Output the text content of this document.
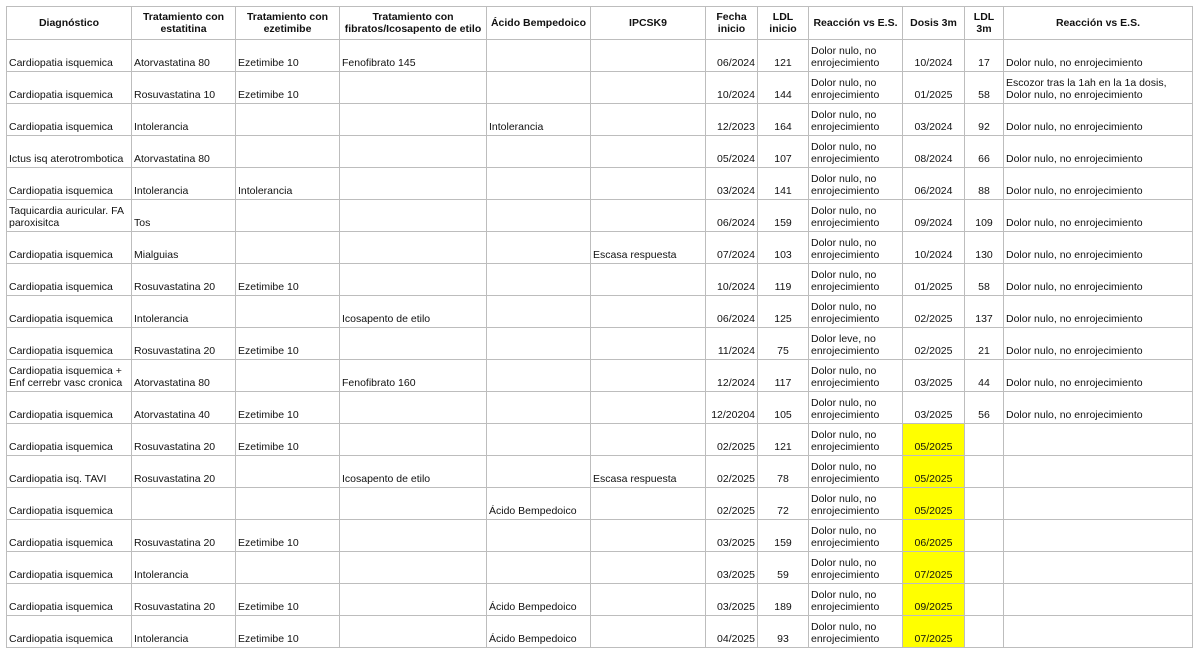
Diagnóstico	Tratamiento con estatitina	Tratamiento con ezetimibe	Tratamiento con fibratos/Icosapento de etilo	Ácido Bempedoico	IPCSK9	Fecha inicio	LDL inicio	Reacción vs E.S.	Dosis 3m	LDL 3m	Reacción vs E.S.
Cardiopatia isquemica	Atorvastatina 80	Ezetimibe 10	Fenofibrato 145			06/2024	121	Dolor nulo, no enrojecimiento	10/2024	17	Dolor nulo, no enrojecimiento
Cardiopatia isquemica	Rosuvastatina 10	Ezetimibe 10				10/2024	144	Dolor nulo, no enrojecimiento	01/2025	58	Escozor tras la 1ah en la 1a dosis, Dolor nulo, no enrojecimiento
Cardiopatia isquemica	Intolerancia			Intolerancia		12/2023	164	Dolor nulo, no enrojecimiento	03/2024	92	Dolor nulo, no enrojecimiento
Ictus isq aterotrombotica	Atorvastatina 80					05/2024	107	Dolor nulo, no enrojecimiento	08/2024	66	Dolor nulo, no enrojecimiento
Cardiopatia isquemica	Intolerancia	Intolerancia				03/2024	141	Dolor nulo, no enrojecimiento	06/2024	88	Dolor nulo, no enrojecimiento
Taquicardia auricular. FA paroxisitca	Tos					06/2024	159	Dolor nulo, no enrojecimiento	09/2024	109	Dolor nulo, no enrojecimiento
Cardiopatia isquemica	Mialguias				Escasa respuesta	07/2024	103	Dolor nulo, no enrojecimiento	10/2024	130	Dolor nulo, no enrojecimiento
Cardiopatia isquemica	Rosuvastatina 20	Ezetimibe 10				10/2024	119	Dolor nulo, no enrojecimiento	01/2025	58	Dolor nulo, no enrojecimiento
Cardiopatia isquemica	Intolerancia		Icosapento de etilo			06/2024	125	Dolor nulo, no enrojecimiento	02/2025	137	Dolor nulo, no enrojecimiento
Cardiopatia isquemica	Rosuvastatina 20	Ezetimibe 10				11/2024	75	Dolor leve, no enrojecimiento	02/2025	21	Dolor nulo, no enrojecimiento
Cardiopatia isquemica + Enf cerrebr vasc cronica	Atorvastatina 80		Fenofibrato 160			12/2024	117	Dolor nulo, no enrojecimiento	03/2025	44	Dolor nulo, no enrojecimiento
Cardiopatia isquemica	Atorvastatina 40	Ezetimibe 10				12/20204	105	Dolor nulo, no enrojecimiento	03/2025	56	Dolor nulo, no enrojecimiento
Cardiopatia isquemica	Rosuvastatina 20	Ezetimibe 10				02/2025	121	Dolor nulo, no enrojecimiento	05/2025		
Cardiopatia isq. TAVI	Rosuvastatina 20		Icosapento de etilo		Escasa respuesta	02/2025	78	Dolor nulo, no enrojecimiento	05/2025		
Cardiopatia isquemica				Ácido Bempedoico		02/2025	72	Dolor nulo, no enrojecimiento	05/2025		
Cardiopatia isquemica	Rosuvastatina 20	Ezetimibe 10				03/2025	159	Dolor nulo, no enrojecimiento	06/2025		
Cardiopatia isquemica	Intolerancia					03/2025	59	Dolor nulo, no enrojecimiento	07/2025		
Cardiopatia isquemica	Rosuvastatina 20	Ezetimibe 10		Ácido Bempedoico		03/2025	189	Dolor nulo, no enrojecimiento	09/2025		
Cardiopatia isquemica	Intolerancia	Ezetimibe 10		Ácido Bempedoico		04/2025	93	Dolor nulo, no enrojecimiento	07/2025		
